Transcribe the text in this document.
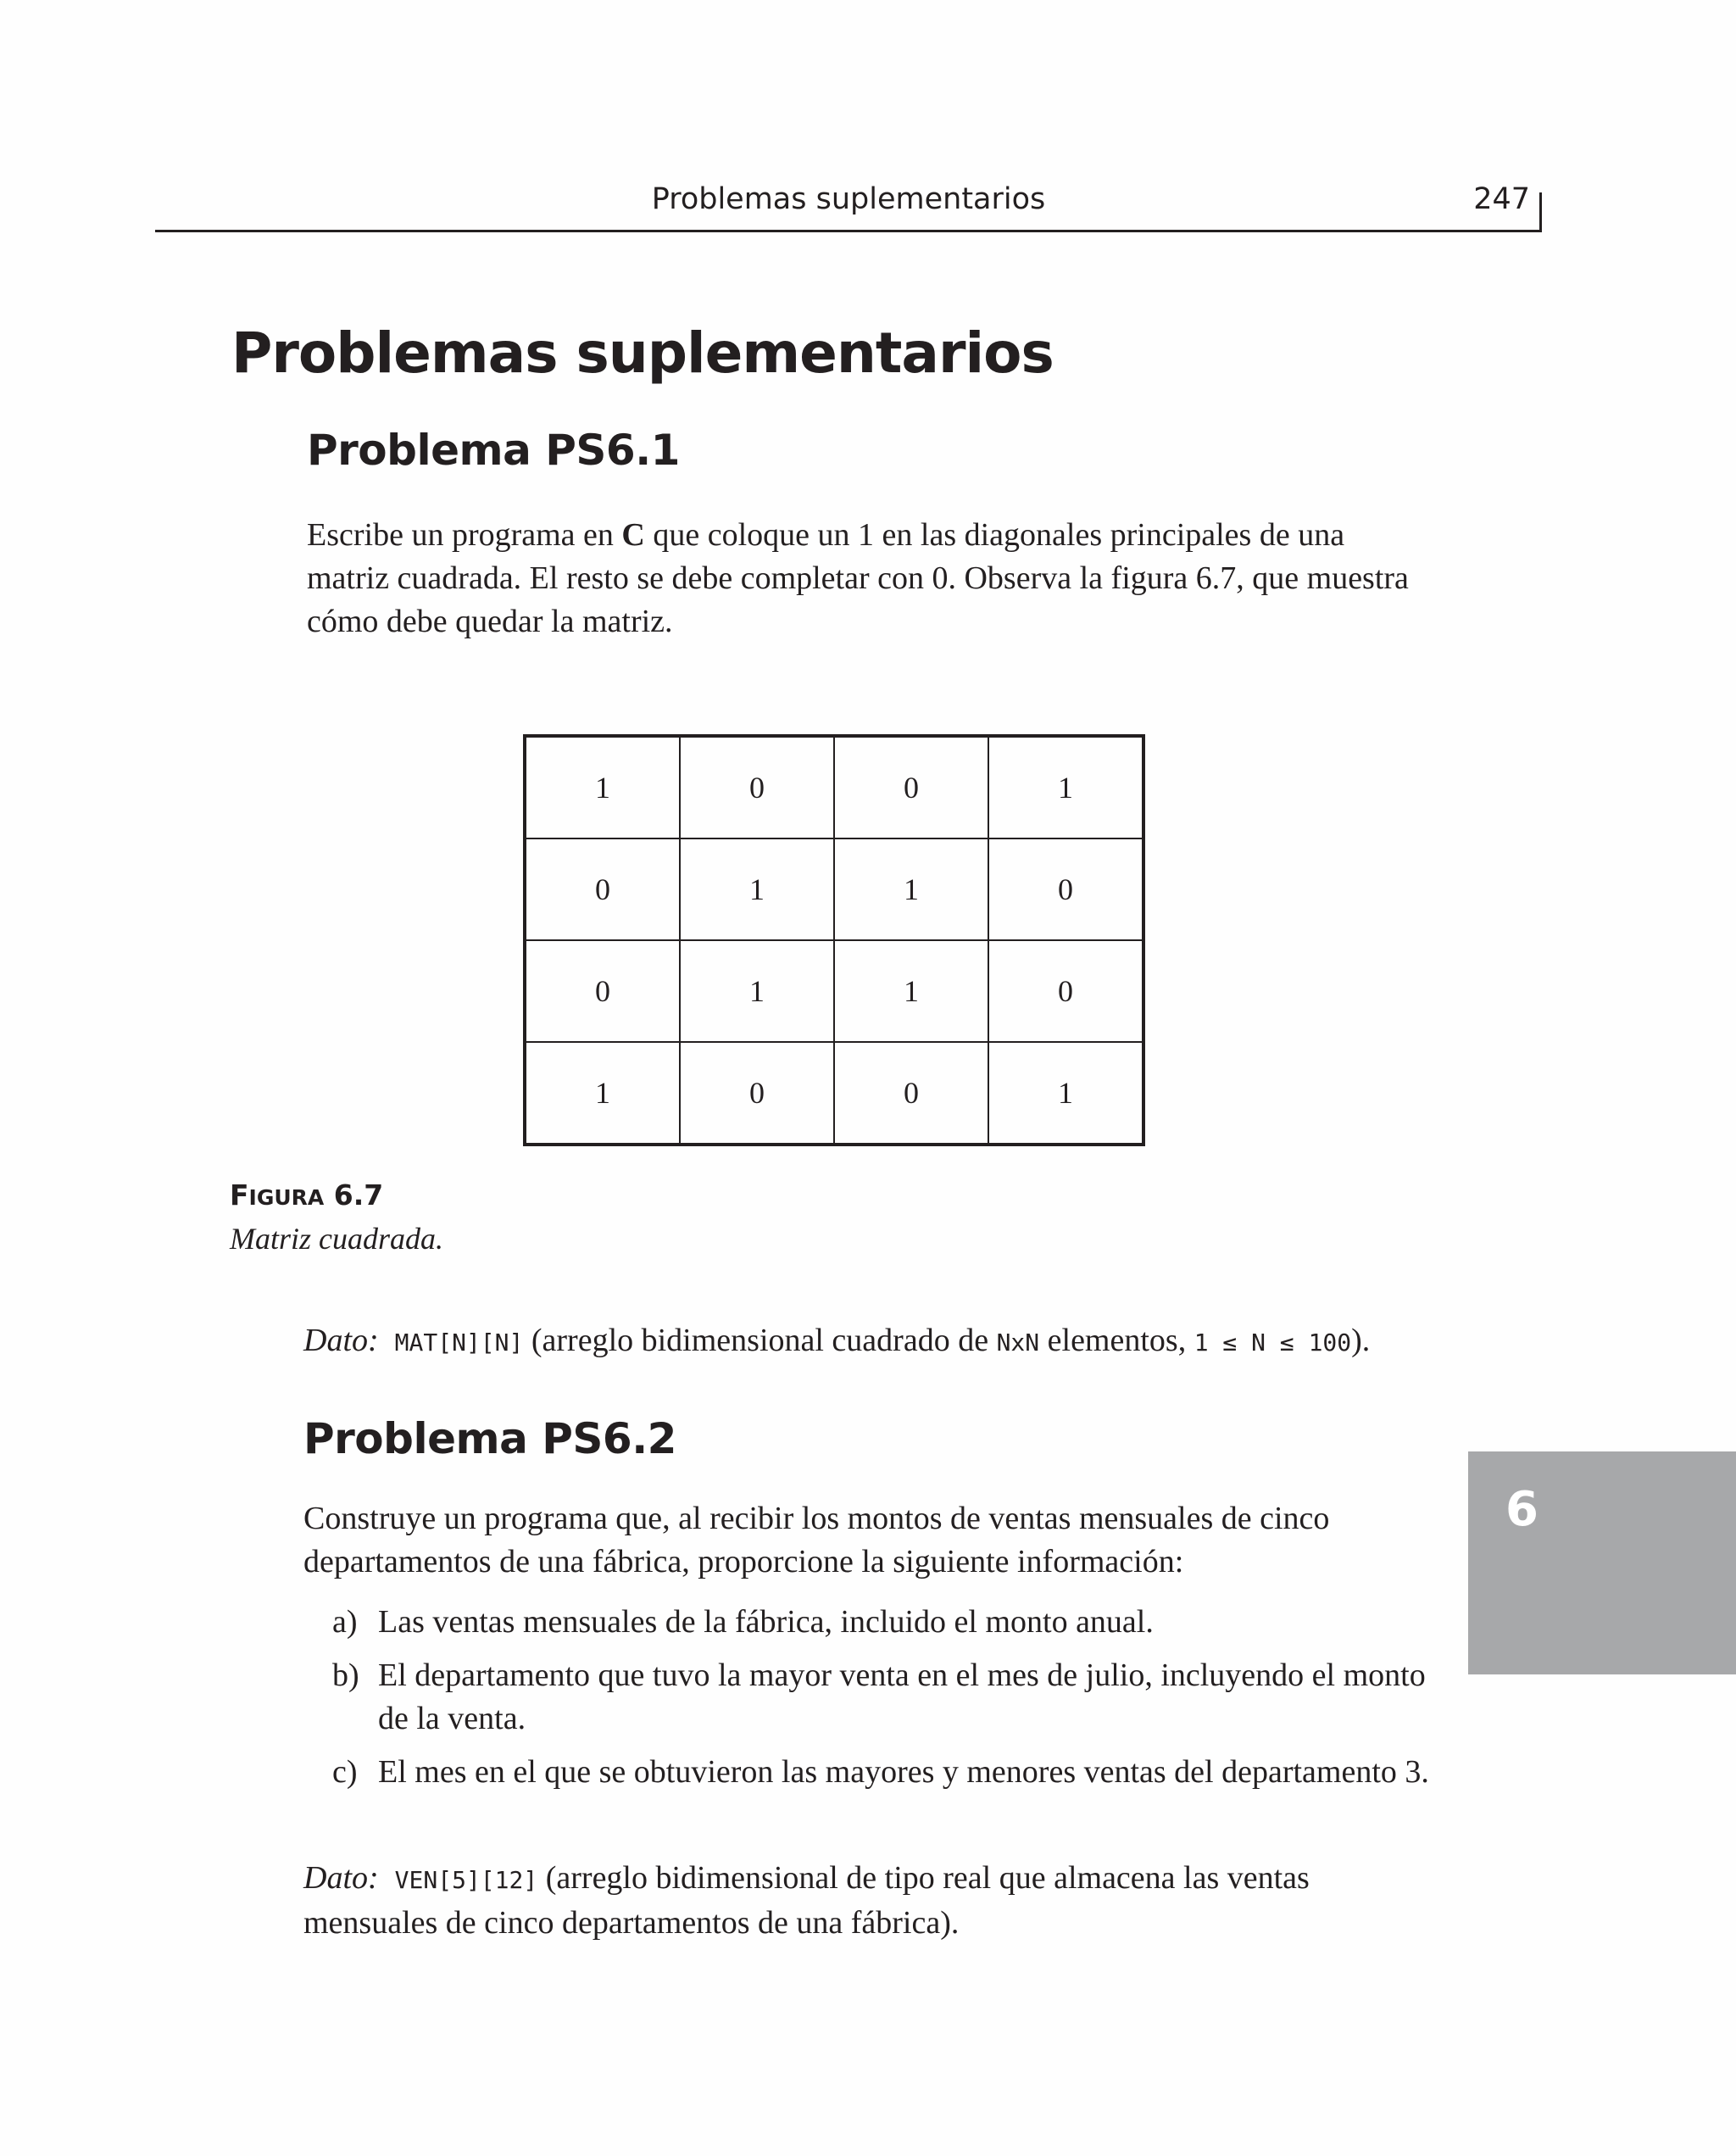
Problemas suplementarios	247
Problemas suplementarios
Problema PS6.1

Escribe un programa en C que coloque un 1 en las diagonales principales de una matriz cuadrada. El resto se debe completar con 0. Observa la figura 6.7, que muestra cómo debe quedar la matriz.

1	0	0	1
0	1	1	0
0	1	1	0
1	0	0	1
FIGURA 6.7
Matriz cuadrada.
Dato: MAT[N][N] (arreglo bidimensional cuadrado de NxN elementos, 1 ≤ N ≤ 100).
Problema PS6.2

Construye un programa que, al recibir los montos de ventas mensuales de cinco departamentos de una fábrica, proporcione la siguiente información:

a) Las ventas mensuales de la fábrica, incluido el monto anual.
b) El departamento que tuvo la mayor venta en el mes de julio, incluyendo el monto de la venta.
c) El mes en el que se obtuvieron las mayores y menores ventas del departamento 3.
Dato: VEN[5][12] (arreglo bidimensional de tipo real que almacena las ventas mensuales de cinco departamentos de una fábrica).
6
